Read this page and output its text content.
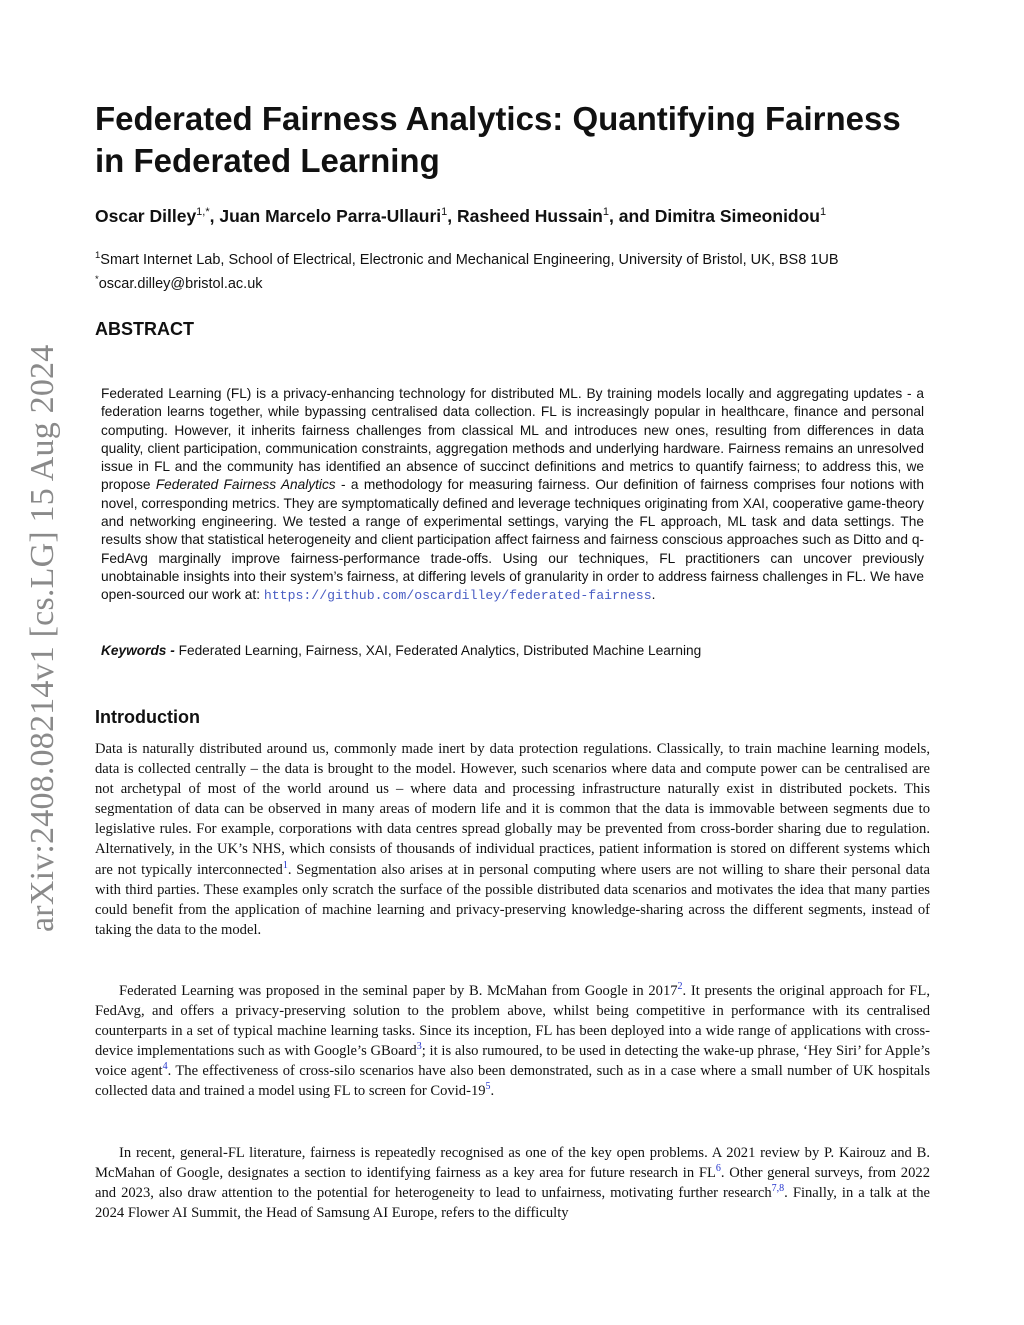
arXiv:2408.08214v1 [cs.LG] 15 Aug 2024
Federated Fairness Analytics: Quantifying Fairness
in Federated Learning
Oscar Dilley$^{1,*}$, Juan Marcelo Parra-Ullauri$^1$, Rasheed Hussain$^1$, and Dimitra Simeonidou$^1$
$^1$Smart Internet Lab, School of Electrical, Electronic and Mechanical Engineering, University of Bristol, UK, BS8 1UB
*oscar.dilley@bristol.ac.uk
ABSTRACT

Federated Learning (FL) is a privacy-enhancing technology for distributed ML. By training models locally and aggregating updates - a federation learns together, while bypassing centralised data collection. FL is increasingly popular in healthcare, finance and personal computing. However, it inherits fairness challenges from classical ML and introduces new ones, resulting from differences in data quality, client participation, communication constraints, aggregation methods and underlying hardware. Fairness remains an unresolved issue in FL and the community has identified an absence of succinct definitions and metrics to quantify fairness; to address this, we propose Federated Fairness Analytics - a methodology for measuring fairness. Our definition of fairness comprises four notions with novel, corresponding metrics. They are symptomatically defined and leverage techniques originating from XAI, cooperative game-theory and networking engineering. We tested a range of experimental settings, varying the FL approach, ML task and data settings. The results show that statistical heterogeneity and client participation affect fairness and fairness conscious approaches such as Ditto and q-FedAvg marginally improve fairness-performance trade-offs. Using our techniques, FL practitioners can uncover previously unobtainable insights into their system’s fairness, at differing levels of granularity in order to address fairness challenges in FL. We have open-sourced our work at: https://github.com/oscardilley/federated-fairness.

Keywords - Federated Learning, Fairness, XAI, Federated Analytics, Distributed Machine Learning

Introduction

Data is naturally distributed around us, commonly made inert by data protection regulations. Classically, to train machine learning models, data is collected centrally – the data is brought to the model. However, such scenarios where data and compute power can be centralised are not archetypal of most of the world around us – where data and processing infrastructure naturally exist in distributed pockets. This segmentation of data can be observed in many areas of modern life and it is common that the data is immovable between segments due to legislative rules. For example, corporations with data centres spread globally may be prevented from cross-border sharing due to regulation. Alternatively, in the UK’s NHS, which consists of thousands of individual practices, patient information is stored on different systems which are not typically interconnected$^1$. Segmentation also arises at in personal computing where users are not willing to share their personal data with third parties. These examples only scratch the surface of the possible distributed data scenarios and motivates the idea that many parties could benefit from the application of machine learning and privacy-preserving knowledge-sharing across the different segments, instead of taking the data to the model.

Federated Learning was proposed in the seminal paper by B. McMahan from Google in 2017$^2$. It presents the original approach for FL, FedAvg, and offers a privacy-preserving solution to the problem above, whilst being competitive in performance with its centralised counterparts in a set of typical machine learning tasks. Since its inception, FL has been deployed into a wide range of applications with cross-device implementations such as with Google’s GBoard$^3$; it is also rumoured, to be used in detecting the wake-up phrase, ‘Hey Siri’ for Apple’s voice agent$^4$. The effectiveness of cross-silo scenarios have also been demonstrated, such as in a case where a small number of UK hospitals collected data and trained a model using FL to screen for Covid-19$^5$.

In recent, general-FL literature, fairness is repeatedly recognised as one of the key open problems. A 2021 review by P. Kairouz and B. McMahan of Google, designates a section to identifying fairness as a key area for future research in FL$^6$. Other general surveys, from 2022 and 2023, also draw attention to the potential for heterogeneity to lead to unfairness, motivating further research$^{7,8}$. Finally, in a talk at the 2024 Flower AI Summit, the Head of Samsung AI Europe, refers to the difficulty
